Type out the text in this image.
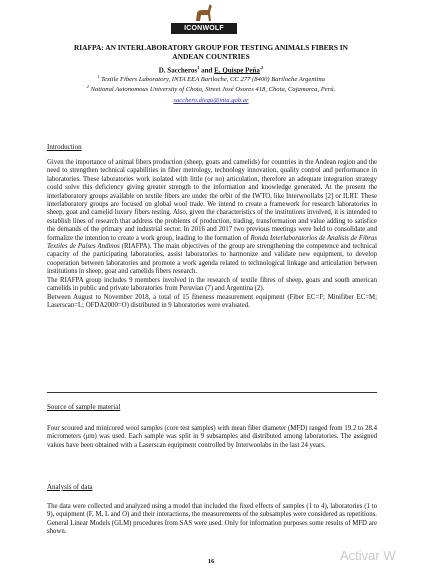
ICONWOLF
RIAFPA: AN INTERLABORATORY GROUP FOR TESTING ANIMALS FIBERS IN
ANDEAN COUNTRIES
D. Saccheros$^1$ and E. Quispe Peña$^{.2}$
$^1$ Textile Fibers Laboratory, INTA EEA Bariloche, CC 277 (8400) Bariloche Argentina
$^2$ National Autonomous University of Chota, Street José Osores 418, Chota, Cajamarca, Perú.
sacchero.diego@inta.gob.ar
Introduction

Given the importance of animal fibers production (sheep, goats and camelids) for countries in the Andean region and the need to strengthen technical capabilities in fiber metrology, technology innovation, quality control and performance in laboratories. These laboratories work isolated with little (or no) articulation, therefore an adequate integration strategy could solve this deficiency giving greater strength to the information and knowledge generated. At the present the interlaboratory groups available on textile fibers are under the orbit of the IWTO, like Interwoollabs [2] or ILRT. These interlaboratory groups are focused on global wool trade. We intend to create a framework for research laboratories in sheep, goat and camelid luxury fibers testing. Also, given the characteristics of the institutions involved, it is intended to establish lines of research that address the problems of production, trading, transformation and value adding to satisfice the demands of the primary and industrial sector. In 2016 and 2017 two previous meetings were held to consolidate and formalize the intention to create a work group, leading to the formation of Ronda Interlaboratorios de Analisis de Fibras Textiles de Países Andinos (RIAFPA). The main objectives of the group are strengthening the competence and technical capacity of the participating laboratories, assist laboratories to harmonize and validate new equipment, to develop cooperation between laboratories and promote a work agenda related to technological linkage and articulation between institutions in sheep, goat and camelids fibers research.

The RIAFPA group includes 9 members involved in the research of textile fibres of sheep, goats and south american camelids in public and private laboratories from Peruvian (7) and Argentina (2).

Between August to November 2018, a total of 15 fineness measurement equipment (Fiber EC=F; Minifiber EC=M; Laserscan=L; OFDA2000=O) distributed in 9 laboratories were evaluated.

Source of sample material

Four scoured and minicored wool samples (core test samples) with mean fiber diameter (MFD) ranged from 19.2 to 28.4 micrometers (μm) was used. Each sample was split in 9 subsamples and distributed among laboratories. The assigned values have been obtained with a Laserscan equipment controlled by Interwoolabs in the last 24 years.

Analysis of data

The data were collected and analyzed using a model that included the fixed effects of samples (1 to 4), laboratories (1 to 9), equipment (F, M, L and O) and their interactions, the measurements of the subsamples were considered as repetitions. General Linear Models (GLM) procedures from SAS were used. Only for information purposes some results of MFD are shown.

16	Activar W
